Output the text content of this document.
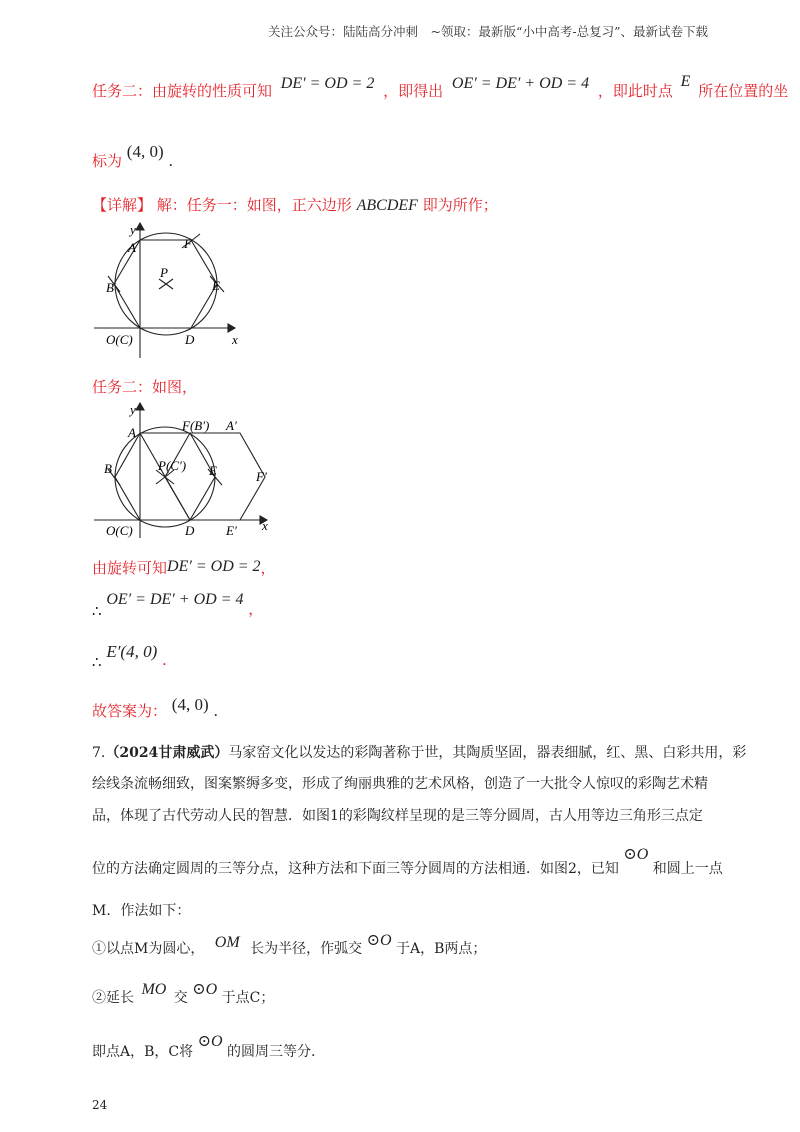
关注公众号：陆陆高分冲刺　~领取：最新版“小中高考-总复习”、最新试卷下载
任务二：由旋转的性质可知 DE′ = OD = 2 ，即得出 OE′ = DE′ + OD = 4 ，即此时点 E 所在位置的坐
标为 (4, 0) .
【详解】 解：任务一：如图，正六边形 ABCDEF 即为所作；
y
x
A	F
B	E
P
D
O(C)
任务二：如图，
y
x
A	F(B′) A′
B	P(C′) E	F′
D E′
O(C)
由旋转可知DE′ = OD = 2，
∴ OE′ = DE′ + OD = 4 ，
∴ E′(4, 0) .
故答案为： (4, 0) .
7.（2024甘肃威武）马家窑文化以发达的彩陶著称于世，其陶质坚固，器表细腻，红、黑、白彩共用，彩
绘线条流畅细致，图案繁缛多变，形成了绚丽典雅的艺术风格，创造了一大批令人惊叹的彩陶艺术精
品，体现了古代劳动人民的智慧．如图1的彩陶纹样呈现的是三等分圆周，古人用等边三角形三点定
位的方法确定圆周的三等分点，这种方法和下面三等分圆周的方法相通．如图2，已知 ⊙O 和圆上一点
M．作法如下：
①以点M为圆心， OM 长为半径，作弧交 ⊙O 于A，B两点；
②延长 MO 交 ⊙O 于点C；
即点A，B，C将 ⊙O 的圆周三等分.
24
